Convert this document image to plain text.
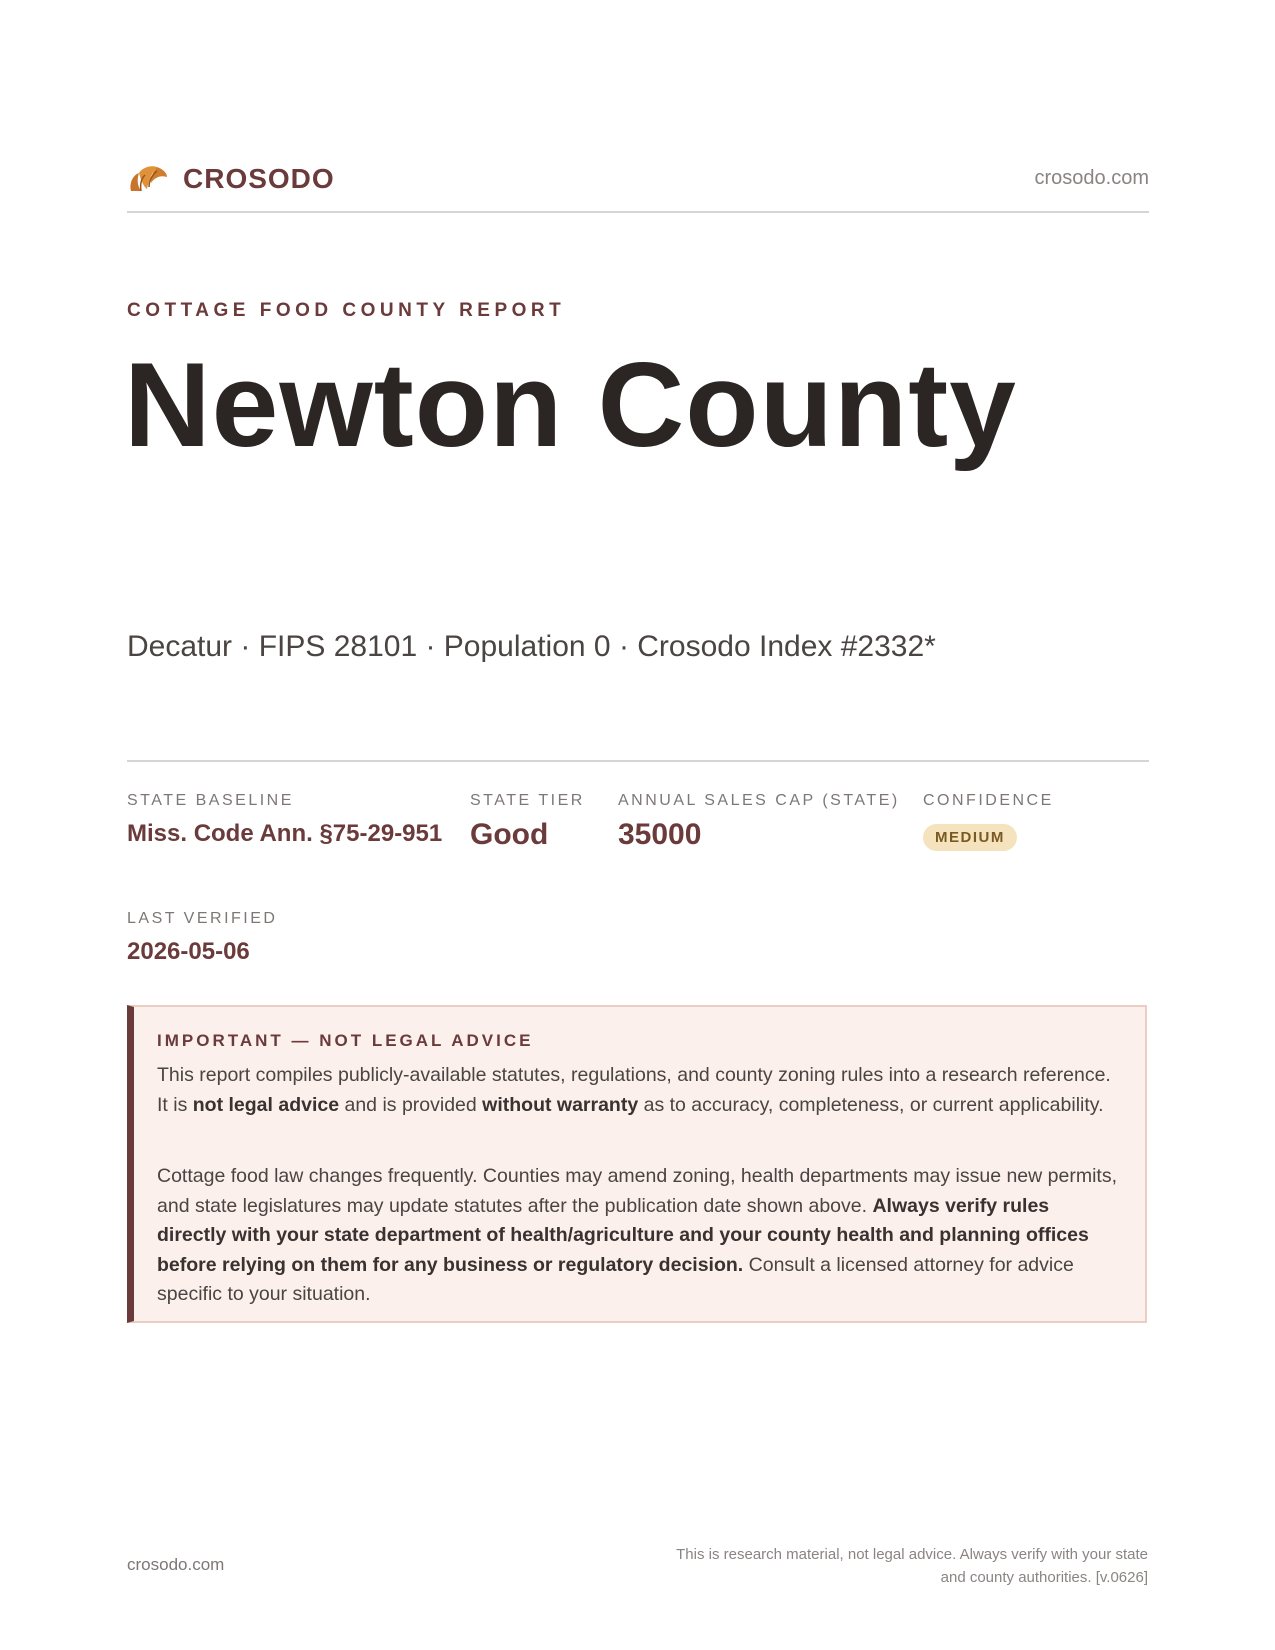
CROSODO	crosodo.com
COTTAGE FOOD COUNTY REPORT
Newton County
Decatur · FIPS 28101 · Population 0 · Crosodo Index #2332*
STATE BASELINE
Miss. Code Ann. §75-29-951
STATE TIER
Good
ANNUAL SALES CAP (STATE)
35000
CONFIDENCE
MEDIUM
LAST VERIFIED
2026-05-06
IMPORTANT — NOT LEGAL ADVICE

This report compiles publicly-available statutes, regulations, and county zoning rules into a research reference. It is not legal advice and is provided without warranty as to accuracy, completeness, or current applicability.

Cottage food law changes frequently. Counties may amend zoning, health departments may issue new permits, and state legislatures may update statutes after the publication date shown above. Always verify rules directly with your state department of health/agriculture and your county health and planning offices before relying on them for any business or regulatory decision. Consult a licensed attorney for advice specific to your situation.

crosodo.com
This is research material, not legal advice. Always verify with your state
and county authorities. [v.0626]
